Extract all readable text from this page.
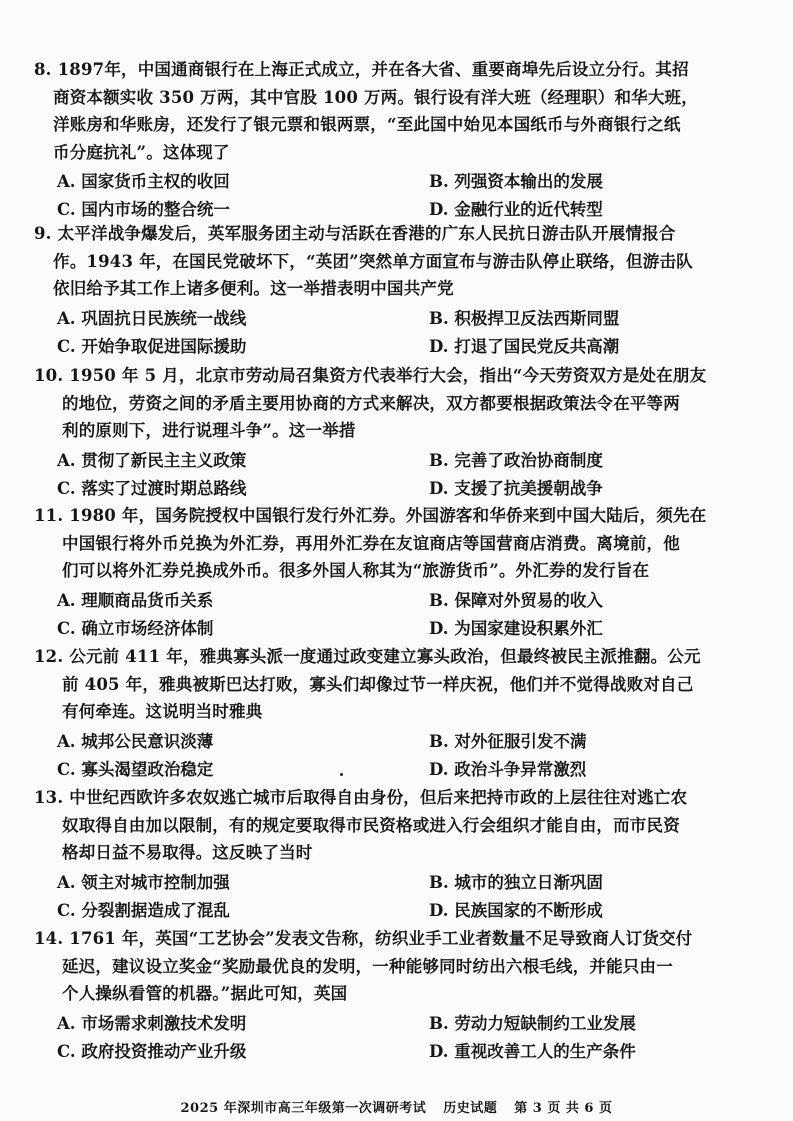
8. 1897年，中国通商银行在上海正式成立，并在各大省、重要商埠先后设立分行。其招
商资本额实收 350 万两，其中官股 100 万两。银行设有洋大班（经理职）和华大班，
洋账房和华账房，还发行了银元票和银两票，“至此国中始见本国纸币与外商银行之纸
币分庭抗礼”。这体现了

A. 国家货币主权的收回	B. 列强资本输出的发展
C. 国内市场的整合统一	D. 金融行业的近代转型

9. 太平洋战争爆发后，英军服务团主动与活跃在香港的广东人民抗日游击队开展情报合
作。1943 年，在国民党破坏下，“英团”突然单方面宣布与游击队停止联络，但游击队
依旧给予其工作上诸多便利。这一举措表明中国共产党

A. 巩固抗日民族统一战线	B. 积极捍卫反法西斯同盟
C. 开始争取促进国际援助	D. 打退了国民党反共高潮

10. 1950 年 5 月，北京市劳动局召集资方代表举行大会，指出“今天劳资双方是处在朋友
的地位，劳资之间的矛盾主要用协商的方式来解决，双方都要根据政策法令在平等两
利的原则下，进行说理斗争”。这一举措

A. 贯彻了新民主主义政策	B. 完善了政治协商制度
C. 落实了过渡时期总路线	D. 支援了抗美援朝战争

11. 1980 年，国务院授权中国银行发行外汇券。外国游客和华侨来到中国大陆后，须先在
中国银行将外币兑换为外汇券，再用外汇券在友谊商店等国营商店消费。离境前，他
们可以将外汇券兑换成外币。很多外国人称其为“旅游货币”。外汇券的发行旨在

A. 理顺商品货币关系	B. 保障对外贸易的收入
C. 确立市场经济体制	D. 为国家建设积累外汇

12. 公元前 411 年，雅典寡头派一度通过政变建立寡头政治，但最终被民主派推翻。公元
前 405 年，雅典被斯巴达打败，寡头们却像过节一样庆祝，他们并不觉得战败对自己
有何牵连。这说明当时雅典

A. 城邦公民意识淡薄	B. 对外征服引发不满
C. 寡头渴望政治稳定	D. 政治斗争异常激烈

13. 中世纪西欧许多农奴逃亡城市后取得自由身份，但后来把持市政的上层往往对逃亡农
奴取得自由加以限制，有的规定要取得市民资格或进入行会组织才能自由，而市民资
格却日益不易取得。这反映了当时

A. 领主对城市控制加强	B. 城市的独立日渐巩固
C. 分裂割据造成了混乱	D. 民族国家的不断形成

14. 1761 年，英国“工艺协会”发表文告称，纺织业手工业者数量不足导致商人订货交付
延迟，建议设立奖金“奖励最优良的发明，一种能够同时纺出六根毛线，并能只由一
个人操纵看管的机器。”据此可知，英国

A. 市场需求刺激技术发明	B. 劳动力短缺制约工业发展
C. 政府投资推动产业升级	D. 重视改善工人的生产条件
2025 年深圳市高三年级第一次调研考试 历史试题 第 3 页 共 6 页
